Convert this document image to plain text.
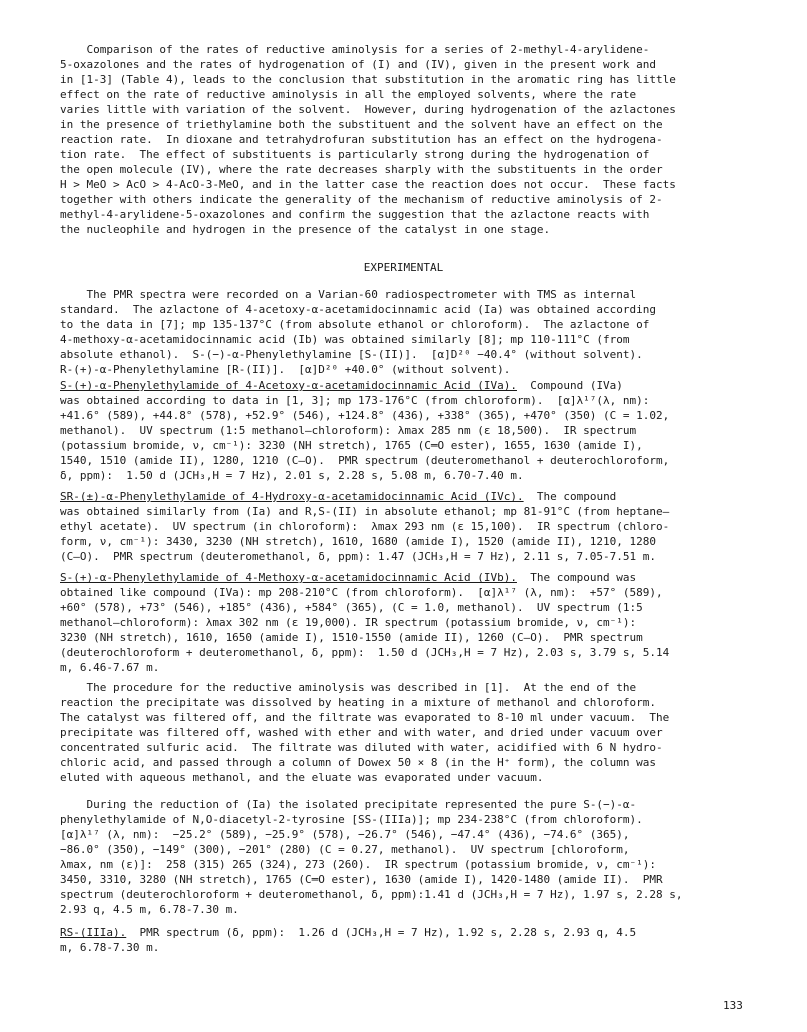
Comparison of the rates of reductive aminolysis for a series of 2-methyl-4-arylidene-
5-oxazolones and the rates of hydrogenation of (I) and (IV), given in the present work and
in [1-3] (Table 4), leads to the conclusion that substitution in the aromatic ring has little
effect on the rate of reductive aminolysis in all the employed solvents, where the rate
varies little with variation of the solvent.  However, during hydrogenation of the azlactones
in the presence of triethylamine both the substituent and the solvent have an effect on the
reaction rate.  In dioxane and tetrahydrofuran substitution has an effect on the hydrogena-
tion rate.  The effect of substituents is particularly strong during the hydrogenation of
the open molecule (IV), where the rate decreases sharply with the substituents in the order
H > MeO > AcO > 4-AcO-3-MeO, and in the latter case the reaction does not occur.  These facts
together with others indicate the generality of the mechanism of reductive aminolysis of 2-
methyl-4-arylidene-5-oxazolones and confirm the suggestion that the azlactone reacts with
the nucleophile and hydrogen in the presence of the catalyst in one stage.

EXPERIMENTAL

The PMR spectra were recorded on a Varian-60 radiospectrometer with TMS as internal
standard.  The azlactone of 4-acetoxy-α-acetamidocinnamic acid (Ia) was obtained according
to the data in [7]; mp 135-137°C (from absolute ethanol or chloroform).  The azlactone of
4-methoxy-α-acetamidocinnamic acid (Ib) was obtained similarly [8]; mp 110-111°C (from
absolute ethanol).  S-(−)-α-Phenylethylamine [S-(II)].  [α]D²⁰ −40.4° (without solvent).
R-(+)-α-Phenylethylamine [R-(II)].  [α]D²⁰ +40.0° (without solvent).

S-(+)-α-Phenylethylamide of 4-Acetoxy-α-acetamidocinnamic Acid (IVa).  Compound (IVa)
was obtained according to data in [1, 3]; mp 173-176°C (from chloroform).  [α]λ¹⁷(λ, nm):
+41.6° (589), +44.8° (578), +52.9° (546), +124.8° (436), +338° (365), +470° (350) (C = 1.02,
methanol).  UV spectrum (1:5 methanol—chloroform): λmax 285 nm (ε 18,500).  IR spectrum
(potassium bromide, ν, cm⁻¹): 3230 (NH stretch), 1765 (C═O ester), 1655, 1630 (amide I),
1540, 1510 (amide II), 1280, 1210 (C—O).  PMR spectrum (deuteromethanol + deuterochloroform,
δ, ppm):  1.50 d (JCH₃,H = 7 Hz), 2.01 s, 2.28 s, 5.08 m, 6.70-7.40 m.

SR-(±)-α-Phenylethylamide of 4-Hydroxy-α-acetamidocinnamic Acid (IVc).  The compound
was obtained similarly from (Ia) and R,S-(II) in absolute ethanol; mp 81-91°C (from heptane—
ethyl acetate).  UV spectrum (in chloroform):  λmax 293 nm (ε 15,100).  IR spectrum (chloro-
form, ν, cm⁻¹): 3430, 3230 (NH stretch), 1610, 1680 (amide I), 1520 (amide II), 1210, 1280
(C—O).  PMR spectrum (deuteromethanol, δ, ppm): 1.47 (JCH₃,H = 7 Hz), 2.11 s, 7.05-7.51 m.

S-(+)-α-Phenylethylamide of 4-Methoxy-α-acetamidocinnamic Acid (IVb).  The compound was
obtained like compound (IVa): mp 208-210°C (from chloroform).  [α]λ¹⁷ (λ, nm):  +57° (589),
+60° (578), +73° (546), +185° (436), +584° (365), (C = 1.0, methanol).  UV spectrum (1:5
methanol—chloroform): λmax 302 nm (ε 19,000). IR spectrum (potassium bromide, ν, cm⁻¹):
3230 (NH stretch), 1610, 1650 (amide I), 1510-1550 (amide II), 1260 (C—O).  PMR spectrum
(deuterochloroform + deuteromethanol, δ, ppm):  1.50 d (JCH₃,H = 7 Hz), 2.03 s, 3.79 s, 5.14
m, 6.46-7.67 m.

The procedure for the reductive aminolysis was described in [1].  At the end of the
reaction the precipitate was dissolved by heating in a mixture of methanol and chloroform.
The catalyst was filtered off, and the filtrate was evaporated to 8-10 ml under vacuum.  The
precipitate was filtered off, washed with ether and with water, and dried under vacuum over
concentrated sulfuric acid.  The filtrate was diluted with water, acidified with 6 N hydro-
chloric acid, and passed through a column of Dowex 50 × 8 (in the H⁺ form), the column was
eluted with aqueous methanol, and the eluate was evaporated under vacuum.

During the reduction of (Ia) the isolated precipitate represented the pure S-(−)-α-
phenylethylamide of N,O-diacetyl-2-tyrosine [SS-(IIIa)]; mp 234-238°C (from chloroform).
[α]λ¹⁷ (λ, nm):  −25.2° (589), −25.9° (578), −26.7° (546), −47.4° (436), −74.6° (365),
−86.0° (350), −149° (300), −201° (280) (C = 0.27, methanol).  UV spectrum [chloroform,
λmax, nm (ε)]:  258 (315) 265 (324), 273 (260).  IR spectrum (potassium bromide, ν, cm⁻¹):
3450, 3310, 3280 (NH stretch), 1765 (C═O ester), 1630 (amide I), 1420-1480 (amide II).  PMR
spectrum (deuterochloroform + deuteromethanol, δ, ppm):1.41 d (JCH₃,H = 7 Hz), 1.97 s, 2.28 s,
2.93 q, 4.5 m, 6.78-7.30 m.

RS-(IIIa).  PMR spectrum (δ, ppm):  1.26 d (JCH₃,H = 7 Hz), 1.92 s, 2.28 s, 2.93 q, 4.5
m, 6.78-7.30 m.

133
